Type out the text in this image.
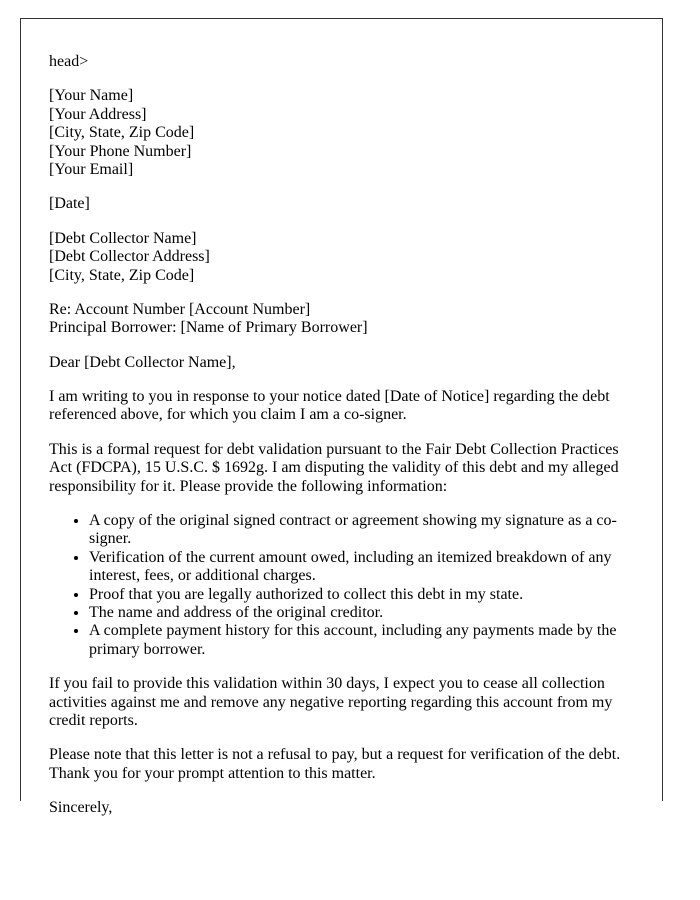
head>

[Your Name]
[Your Address]
[City, State, Zip Code]
[Your Phone Number]
[Your Email]

[Date]

[Debt Collector Name]
[Debt Collector Address]
[City, State, Zip Code]

Re: Account Number [Account Number]
Principal Borrower: [Name of Primary Borrower]

Dear [Debt Collector Name],

I am writing to you in response to your notice dated [Date of Notice] regarding the debt referenced above, for which you claim I am a co-signer.

This is a formal request for debt validation pursuant to the Fair Debt Collection Practices Act (FDCPA), 15 U.S.C. $ 1692g. I am disputing the validity of this debt and my alleged responsibility for it. Please provide the following information:

• A copy of the original signed contract or agreement showing my signature as a co-signer.
• Verification of the current amount owed, including an itemized breakdown of any interest, fees, or additional charges.
• Proof that you are legally authorized to collect this debt in my state.
• The name and address of the original creditor.
• A complete payment history for this account, including any payments made by the primary borrower.

If you fail to provide this validation within 30 days, I expect you to cease all collection activities against me and remove any negative reporting regarding this account from my credit reports.

Please note that this letter is not a refusal to pay, but a request for verification of the debt. Thank you for your prompt attention to this matter.

Sincerely,
